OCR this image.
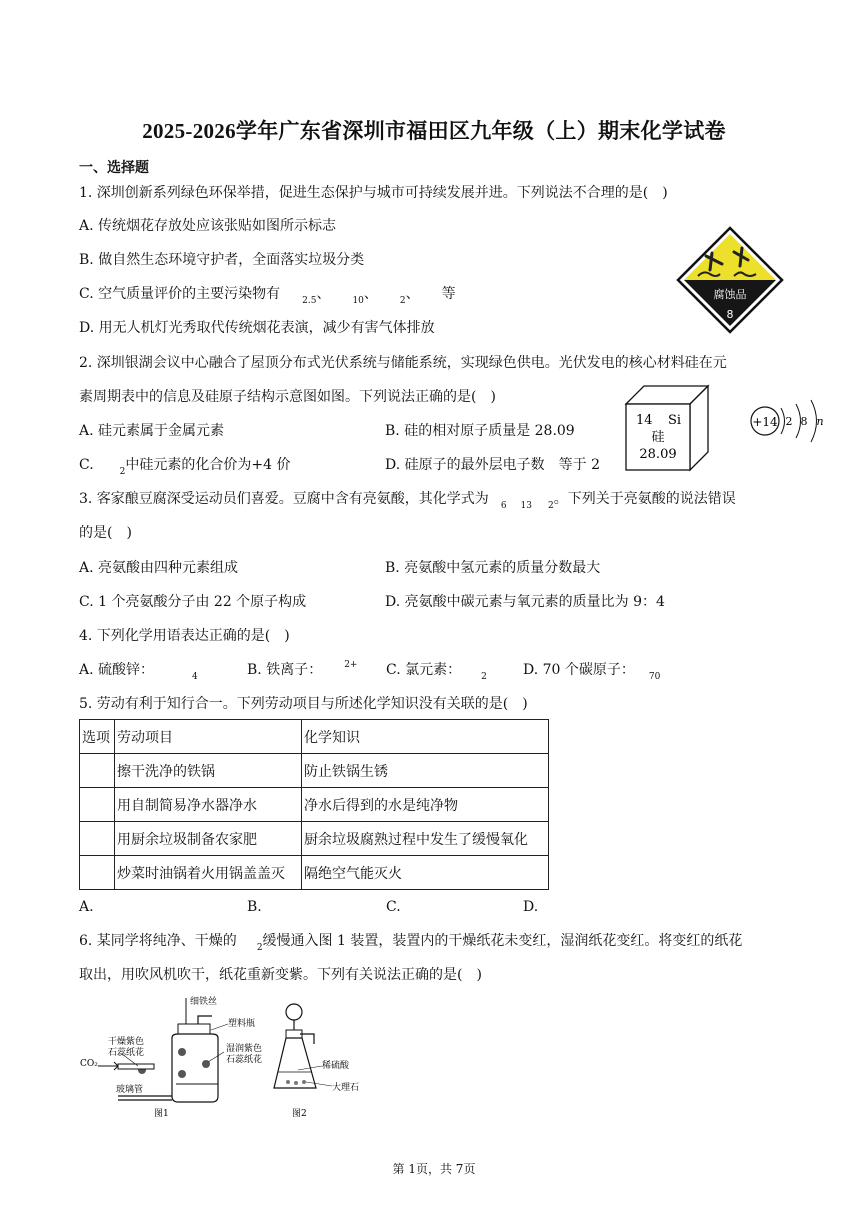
2025-2026学年广东省深圳市福田区九年级（上）期末化学试卷
一、选择题
1. 深圳创新系列绿色环保举措，促进生态保护与城市可持续发展并进。下列说法不合理的是(　)
A. 传统烟花存放处应该张贴如图所示标志
B. 做自然生态环境守护者，全面落实垃圾分类
C. 空气质量评价的主要污染物有 $_{2.5}$、 $_{10}$、 $_2$、 等
D. 用无人机灯光秀取代传统烟花表演，减少有害气体排放
腐蚀品
8
2. 深圳银湖会议中心融合了屋顶分布式光伏系统与储能系统，实现绿色供电。光伏发电的核心材料硅在元
素周期表中的信息及硅原子结构示意图如图。下列说法正确的是(　)
A. 硅元素属于金属元素	B. 硅的相对原子质量是 28.09
C.	$_2$中硅元素的化合价为+4 价	D. 硅原子的最外层电子数　等于 2
14 Si
硅
28.09
+14 2 8 n
3. 客家酿豆腐深受运动员们喜爱。豆腐中含有亮氨酸，其化学式为 $_6$ $_{13}$ $_2$。下列关于亮氨酸的说法错误
的是(　)
A. 亮氨酸由四种元素组成	B. 亮氨酸中氢元素的质量分数最大
C. 1 个亮氨酸分子由 22 个原子构成	D. 亮氨酸中碳元素与氧元素的质量比为 9：4
4. 下列化学用语表达正确的是(　)
A. 硫酸锌：	$_4$	B. 铁离子： $^{2+}$ C. 氯元素： $_2$	D. 70 个碳原子： $_{70}$
5. 劳动有利于知行合一。下列劳动项目与所述化学知识没有关联的是(　)
选项	劳动项目	化学知识
	擦干洗净的铁锅	防止铁锅生锈
	用自制简易净水器净水	净水后得到的水是纯净物
	用厨余垃圾制备农家肥	厨余垃圾腐熟过程中发生了缓慢氧化
	炒菜时油锅着火用锅盖盖灭	隔绝空气能灭火
A.	B.	C.	D.
6. 某同学将纯净、干燥的 $_2$缓慢通入图 1 装置，装置内的干燥纸花未变红，湿润纸花变红。将变红的纸花
取出，用吹风机吹干，纸花重新变紫。下列有关说法正确的是(　)
细铁丝
塑料瓶
干燥紫色
石蕊纸花
CO₂
湿润紫色
石蕊纸花
玻璃管
图1
稀硫酸
大理石
图2
第 1页，共 7页
